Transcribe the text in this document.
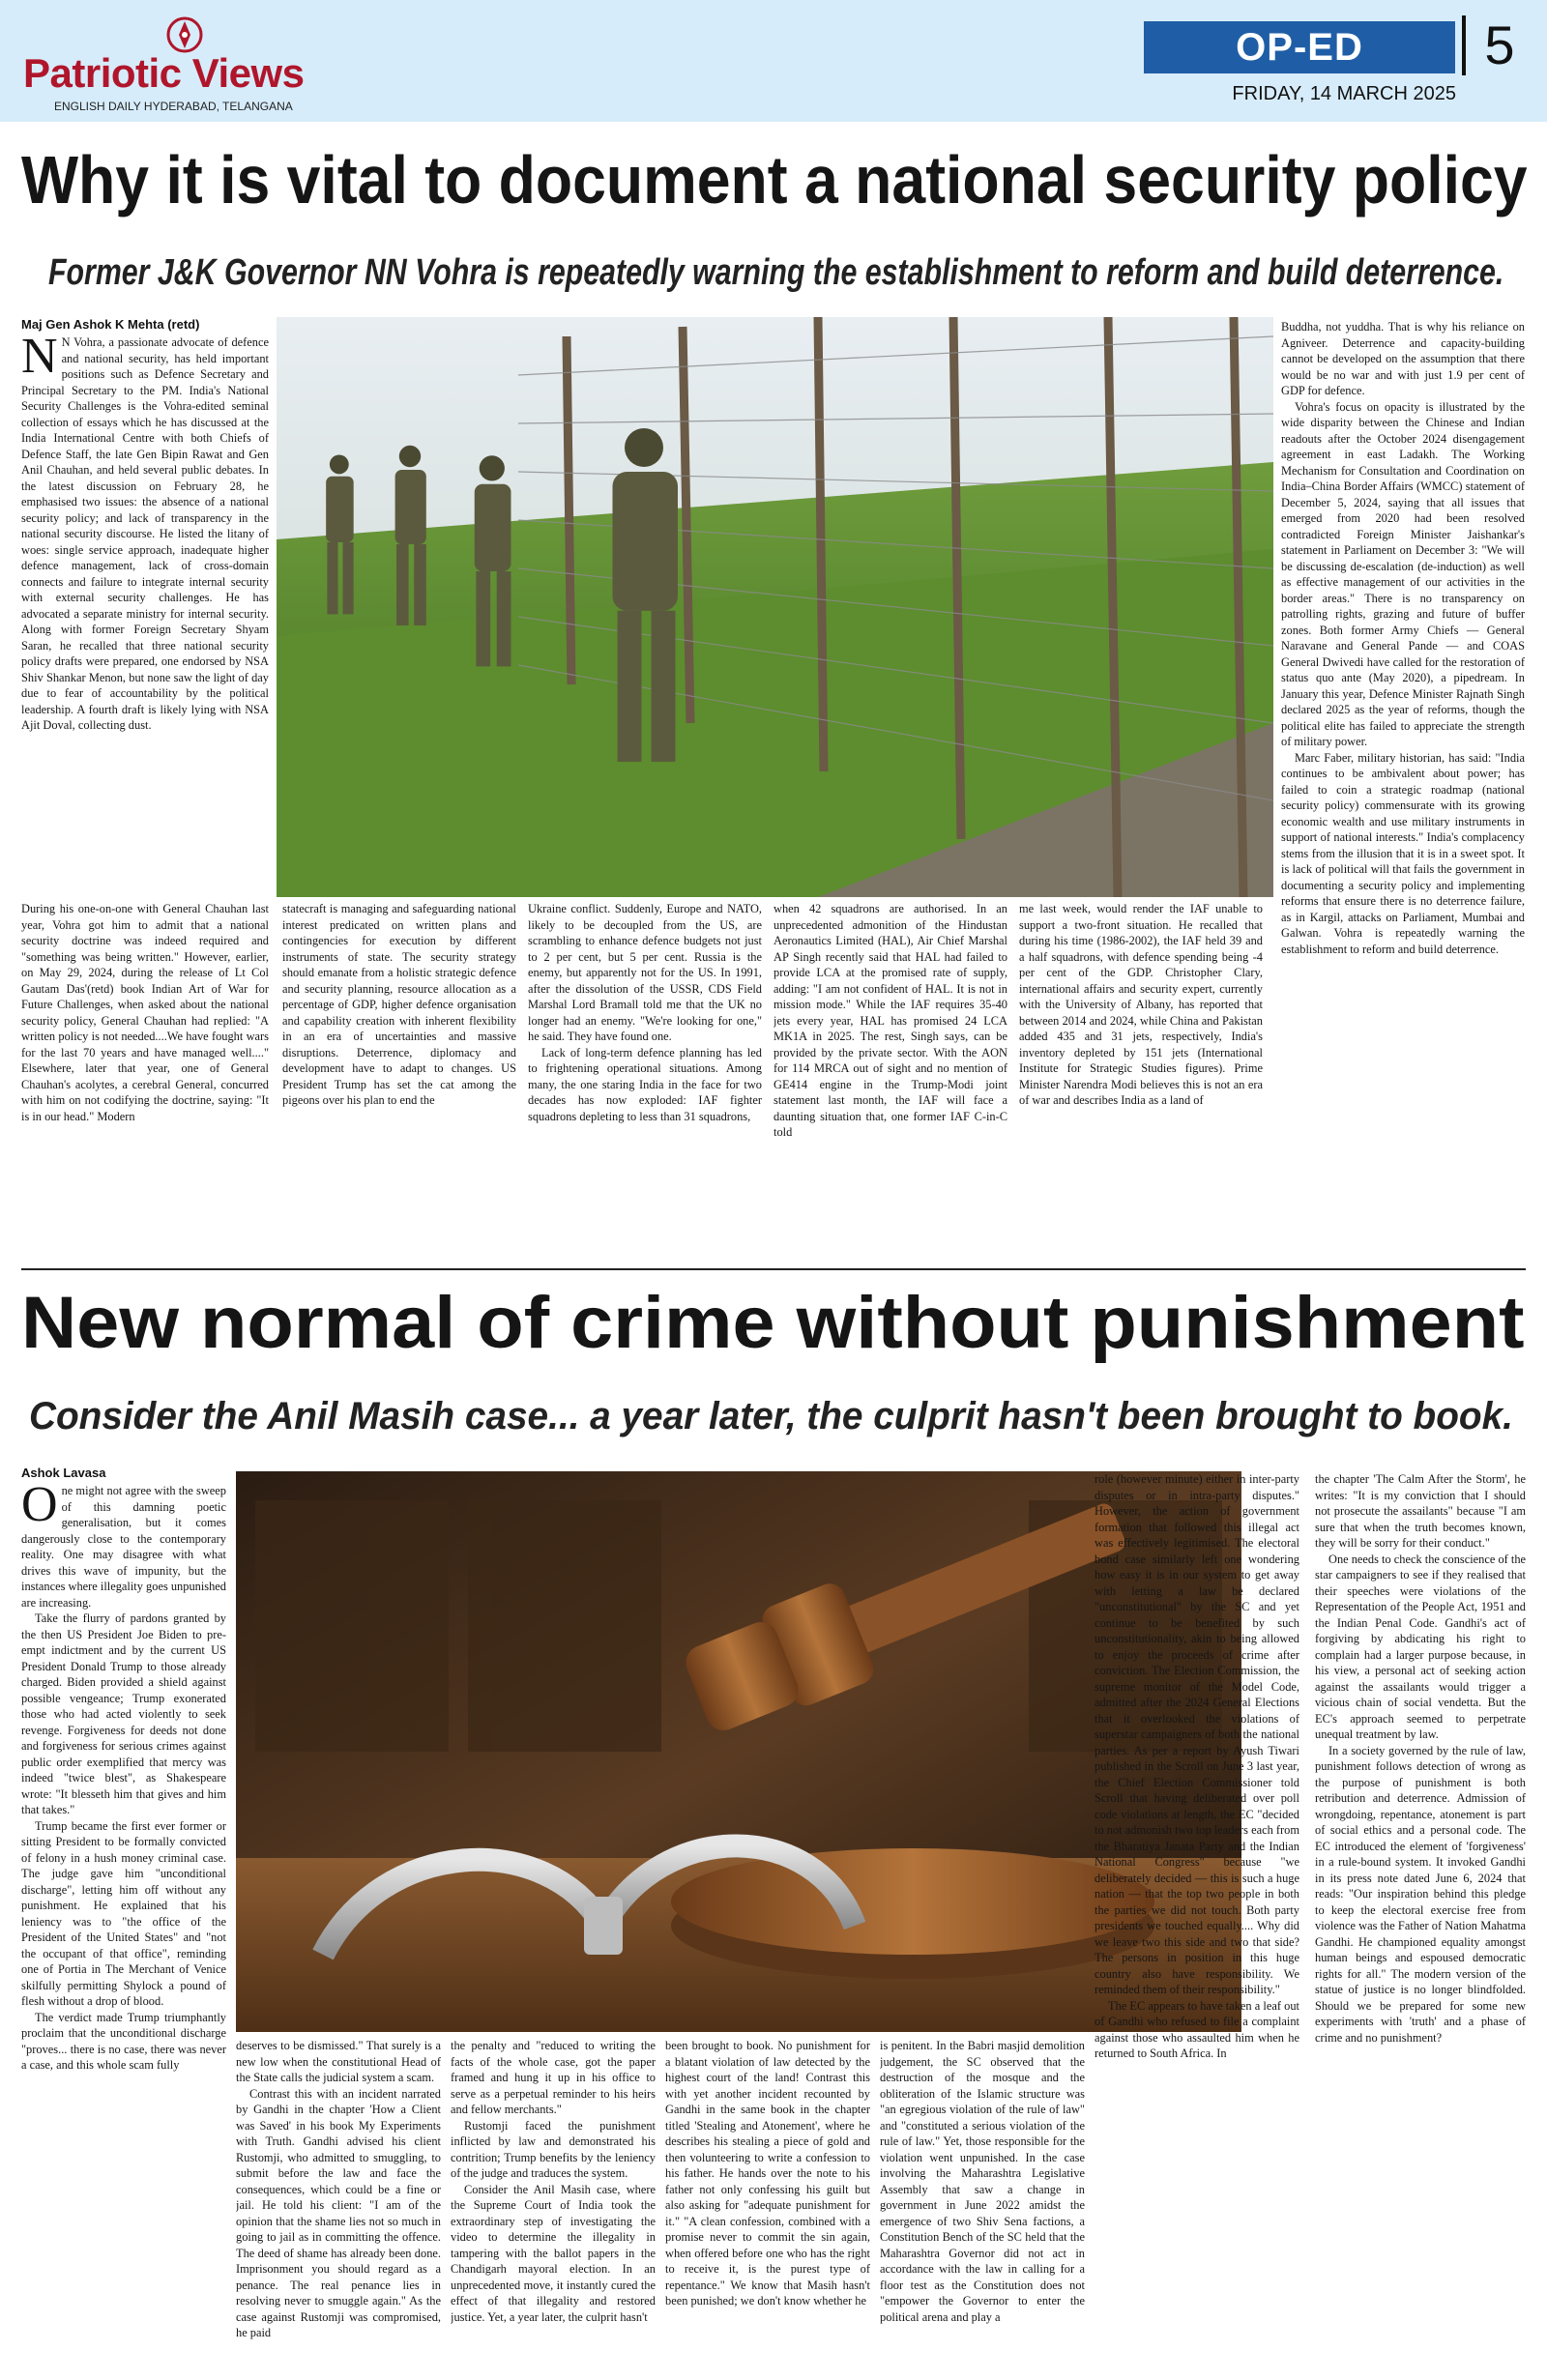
Patriotic Views
ENGLISH DAILY HYDERABAD, TELANGANA
OP-ED	5
FRIDAY, 14 MARCH 2025
Why it is vital to document a national security policy
Former J&K Governor NN Vohra is repeatedly warning the establishment to reform and build deterrence.
Maj Gen Ashok K Mehta (retd)
N N Vohra, a passionate advocate of defence and national security, has held important positions such as Defence Secretary and Principal Secretary to the PM. India's National Security Challenges is the Vohra-edited seminal collection of essays which he has discussed at the India International Centre with both Chiefs of Defence Staff, the late Gen Bipin Rawat and Gen Anil Chauhan, and held several public debates. In the latest discussion on February 28, he emphasised two issues: the absence of a national security policy; and lack of transparency in the national security discourse. He listed the litany of woes: single service approach, inadequate higher defence management, lack of cross-domain connects and failure to integrate internal security with external security challenges. He has advocated a separate ministry for internal security. Along with former Foreign Secretary Shyam Saran, he recalled that three national security policy drafts were prepared, one endorsed by NSA Shiv Shankar Menon, but none saw the light of day due to fear of accountability by the political leadership. A fourth draft is likely lying with NSA Ajit Doval, collecting dust.

During his one-on-one with General Chauhan last year, Vohra got him to admit that a national security doctrine was indeed required and "something was being written." However, earlier, on May 29, 2024, during the release of Lt Col Gautam Das'(retd) book Indian Art of War for Future Challenges, when asked about the national security policy, General Chauhan had replied: "A written policy is not needed....We have fought wars for the last 70 years and have managed well...." Elsewhere, later that year, one of General Chauhan's acolytes, a cerebral General, concurred with him on not codifying the doctrine, saying: "It is in our head." Modern

statecraft is managing and safeguarding national interest predicated on written plans and contingencies for execution by different instruments of state. The security strategy should emanate from a holistic strategic defence and security planning, resource allocation as a percentage of GDP, higher defence organisation and capability creation with inherent flexibility in an era of uncertainties and massive disruptions. Deterrence, diplomacy and development have to adapt to changes. US President Trump has set the cat among the pigeons over his plan to end the

Ukraine conflict. Suddenly, Europe and NATO, likely to be decoupled from the US, are scrambling to enhance defence budgets not just to 2 per cent, but 5 per cent. Russia is the enemy, but apparently not for the US. In 1991, after the dissolution of the USSR, CDS Field Marshal Lord Bramall told me that the UK no longer had an enemy. "We're looking for one," he said. They have found one.

Lack of long-term defence planning has led to frightening operational situations. Among many, the one staring India in the face for two decades has now exploded: IAF fighter squadrons depleting to less than 31 squadrons,

when 42 squadrons are authorised. In an unprecedented admonition of the Hindustan Aeronautics Limited (HAL), Air Chief Marshal AP Singh recently said that HAL had failed to provide LCA at the promised rate of supply, adding: "I am not confident of HAL. It is not in mission mode." While the IAF requires 35-40 jets every year, HAL has promised 24 LCA MK1A in 2025. The rest, Singh says, can be provided by the private sector. With the AON for 114 MRCA out of sight and no mention of GE414 engine in the Trump-Modi joint statement last month, the IAF will face a daunting situation that, one former IAF C-in-C told

me last week, would render the IAF unable to support a two-front situation. He recalled that during his time (1986-2002), the IAF held 39 and a half squadrons, with defence spending being -4 per cent of the GDP. Christopher Clary, international affairs and security expert, currently with the University of Albany, has reported that between 2014 and 2024, while China and Pakistan added 435 and 31 jets, respectively, India's inventory depleted by 151 jets (International Institute for Strategic Studies figures). Prime Minister Narendra Modi believes this is not an era of war and describes India as a land of

Buddha, not yuddha. That is why his reliance on Agniveer. Deterrence and capacity-building cannot be developed on the assumption that there would be no war and with just 1.9 per cent of GDP for defence.

Vohra's focus on opacity is illustrated by the wide disparity between the Chinese and Indian readouts after the October 2024 disengagement agreement in east Ladakh. The Working Mechanism for Consultation and Coordination on India–China Border Affairs (WMCC) statement of December 5, 2024, saying that all issues that emerged from 2020 had been resolved contradicted Foreign Minister Jaishankar's statement in Parliament on December 3: "We will be discussing de-escalation (de-induction) as well as effective management of our activities in the border areas." There is no transparency on patrolling rights, grazing and future of buffer zones. Both former Army Chiefs — General Naravane and General Pande — and COAS General Dwivedi have called for the restoration of status quo ante (May 2020), a pipedream. In January this year, Defence Minister Rajnath Singh declared 2025 as the year of reforms, though the political elite has failed to appreciate the strength of military power.

Marc Faber, military historian, has said: "India continues to be ambivalent about power; has failed to coin a strategic roadmap (national security policy) commensurate with its growing economic wealth and use military instruments in support of national interests." India's complacency stems from the illusion that it is in a sweet spot. It is lack of political will that fails the government in documenting a security policy and implementing reforms that ensure there is no deterrence failure, as in Kargil, attacks on Parliament, Mumbai and Galwan. Vohra is repeatedly warning the establishment to reform and build deterrence.

New normal of crime without punishment
Consider the Anil Masih case... a year later, the culprit hasn't been brought to book.
Ashok Lavasa
O ne might not agree with the sweep of this damning poetic generalisation, but it comes dangerously close to the contemporary reality. One may disagree with what drives this wave of impunity, but the instances where illegality goes unpunished are increasing.

Take the flurry of pardons granted by the then US President Joe Biden to pre-empt indictment and by the current US President Donald Trump to those already charged. Biden provided a shield against possible vengeance; Trump exonerated those who had acted violently to seek revenge. Forgiveness for deeds not done and forgiveness for serious crimes against public order exemplified that mercy was indeed "twice blest", as Shakespeare wrote: "It blesseth him that gives and him that takes."

Trump became the first ever former or sitting President to be formally convicted of felony in a hush money criminal case. The judge gave him "unconditional discharge", letting him off without any punishment. He explained that his leniency was to "the office of the President of the United States" and "not the occupant of that office", reminding one of Portia in The Merchant of Venice skilfully permitting Shylock a pound of flesh without a drop of blood.

The verdict made Trump triumphantly proclaim that the unconditional discharge "proves... there is no case, there was never a case, and this whole scam fully

deserves to be dismissed." That surely is a new low when the constitutional Head of the State calls the judicial system a scam.

Contrast this with an incident narrated by Gandhi in the chapter 'How a Client was Saved' in his book My Experiments with Truth. Gandhi advised his client Rustomji, who admitted to smuggling, to submit before the law and face the consequences, which could be a fine or jail. He told his client: "I am of the opinion that the shame lies not so much in going to jail as in committing the offence. The deed of shame has already been done. Imprisonment you should regard as a penance. The real penance lies in resolving never to smuggle again." As the case against Rustomji was compromised, he paid

the penalty and "reduced to writing the facts of the whole case, got the paper framed and hung it up in his office to serve as a perpetual reminder to his heirs and fellow merchants."

Rustomji faced the punishment inflicted by law and demonstrated his contrition; Trump benefits by the leniency of the judge and traduces the system.

Consider the Anil Masih case, where the Supreme Court of India took the extraordinary step of investigating the video to determine the illegality in tampering with the ballot papers in the Chandigarh mayoral election. In an unprecedented move, it instantly cured the effect of that illegality and restored justice. Yet, a year later, the culprit hasn't

been brought to book. No punishment for a blatant violation of law detected by the highest court of the land! Contrast this with yet another incident recounted by Gandhi in the same book in the chapter titled 'Stealing and Atonement', where he describes his stealing a piece of gold and then volunteering to write a confession to his father. He hands over the note to his father not only confessing his guilt but also asking for "adequate punishment for it." "A clean confession, combined with a promise never to commit the sin again, when offered before one who has the right to receive it, is the purest type of repentance." We know that Masih hasn't been punished; we don't know whether he

is penitent. In the Babri masjid demolition judgement, the SC observed that the destruction of the mosque and the obliteration of the Islamic structure was "an egregious violation of the rule of law" and "constituted a serious violation of the rule of law." Yet, those responsible for the violation went unpunished. In the case involving the Maharashtra Legislative Assembly that saw a change in government in June 2022 amidst the emergence of two Shiv Sena factions, a Constitution Bench of the SC held that the Maharashtra Governor did not act in accordance with the law in calling for a floor test as the Constitution does not "empower the Governor to enter the political arena and play a

role (however minute) either in inter-party disputes or in intra-party disputes." However, the action of government formation that followed this illegal act was effectively legitimised. The electoral bond case similarly left one wondering how easy it is in our system to get away with letting a law be declared "unconstitutional" by the SC and yet continue to be benefited by such unconstitutionality, akin to being allowed to enjoy the proceeds of crime after conviction. The Election Commission, the supreme monitor of the Model Code, admitted after the 2024 General Elections that it overlooked the violations of superstar campaigners of both the national parties. As per a report by Ayush Tiwari published in the Scroll on June 3 last year, the Chief Election Commissioner told Scroll that having deliberated over poll code violations at length, the EC "decided to not admonish two top leaders each from the Bharatiya Janata Party and the Indian National Congress" because "we deliberately decided — this is such a huge nation — that the top two people in both the parties we did not touch. Both party presidents we touched equally.... Why did we leave two this side and two that side? The persons in position in this huge country also have responsibility. We reminded them of their responsibility."

The EC appears to have taken a leaf out of Gandhi who refused to file a complaint against those who assaulted him when he returned to South Africa. In

the chapter 'The Calm After the Storm', he writes: "It is my conviction that I should not prosecute the assailants" because "I am sure that when the truth becomes known, they will be sorry for their conduct."

One needs to check the conscience of the star campaigners to see if they realised that their speeches were violations of the Representation of the People Act, 1951 and the Indian Penal Code. Gandhi's act of forgiving by abdicating his right to complain had a larger purpose because, in his view, a personal act of seeking action against the assailants would trigger a vicious chain of social vendetta. But the EC's approach seemed to perpetrate unequal treatment by law.

In a society governed by the rule of law, punishment follows detection of wrong as the purpose of punishment is both retribution and deterrence. Admission of wrongdoing, repentance, atonement is part of social ethics and a personal code. The EC introduced the element of 'forgiveness' in a rule-bound system. It invoked Gandhi in its press note dated June 6, 2024 that reads: "Our inspiration behind this pledge to keep the electoral exercise free from violence was the Father of Nation Mahatma Gandhi. He championed equality amongst human beings and espoused democratic rights for all." The modern version of the statue of justice is no longer blindfolded. Should we be prepared for some new experiments with 'truth' and a phase of crime and no punishment?
